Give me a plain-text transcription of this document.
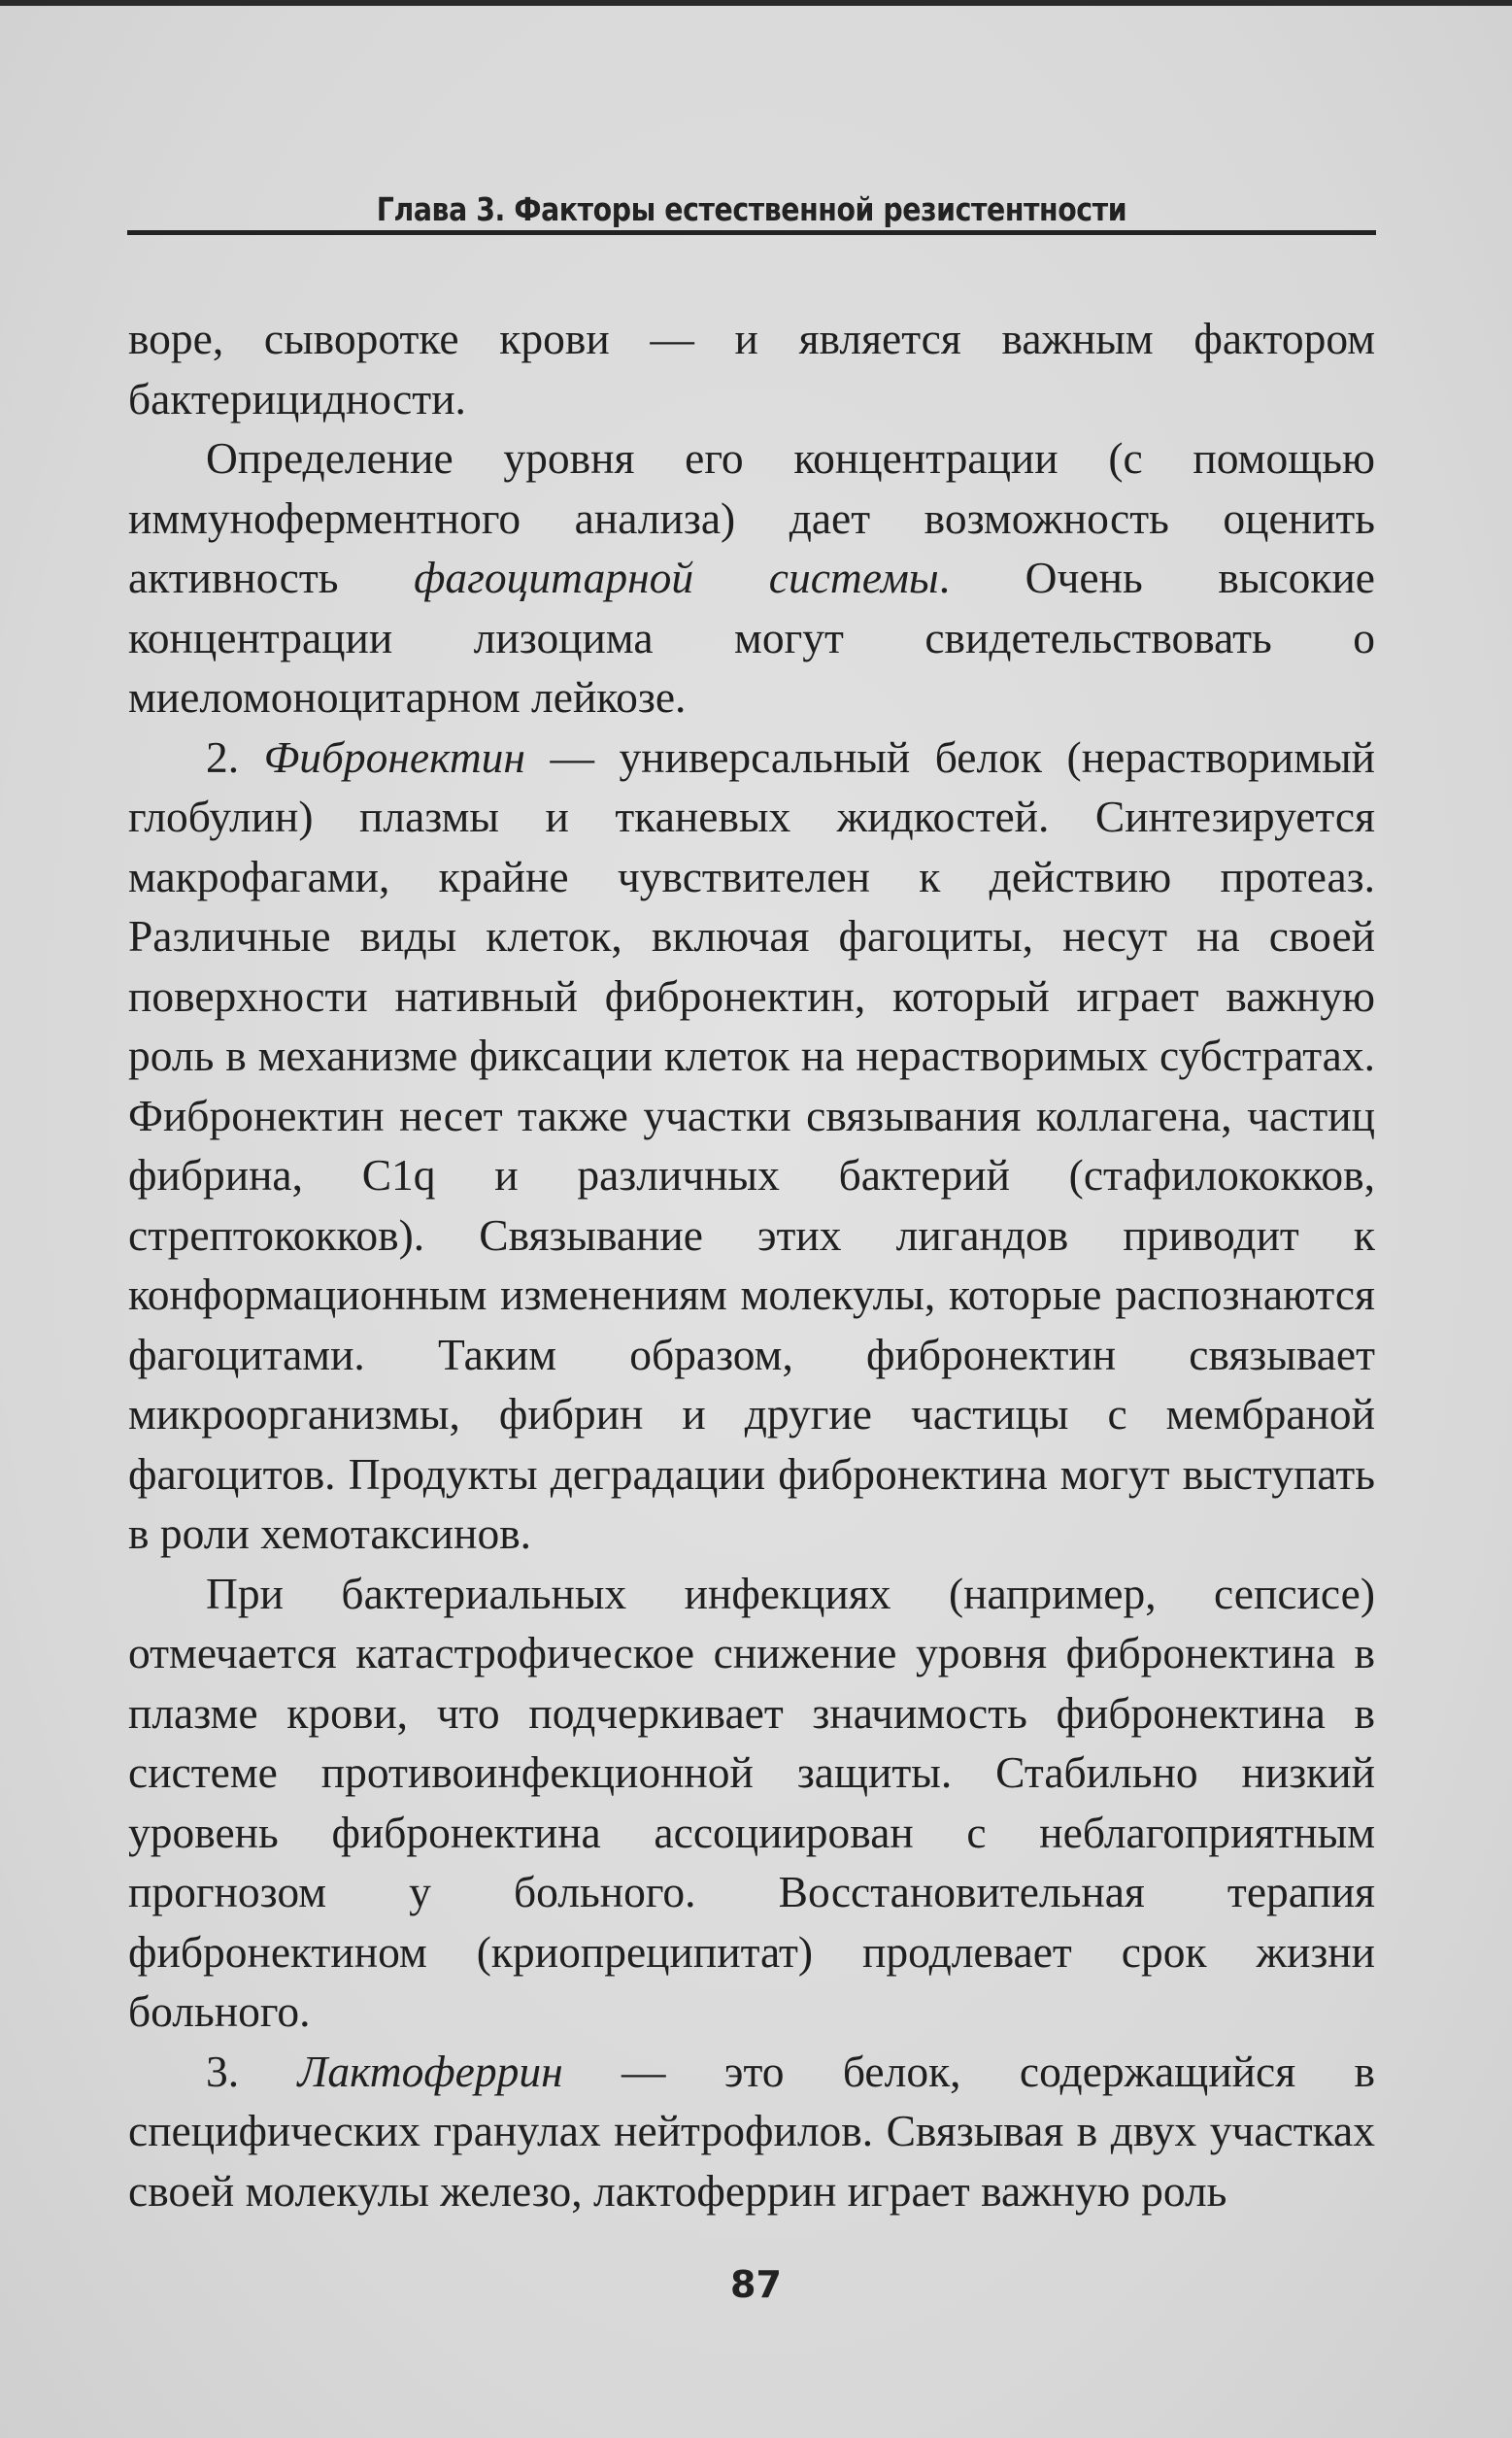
Глава 3. Факторы естественной резистентности

воре, сыворотке крови — и является важным фактором бактерицидности.

Определение уровня его концентрации (с помощью иммуноферментного анализа) дает возможность оценить активность фагоцитарной системы. Очень высокие концентрации лизоцима могут свидетельствовать о миеломоноцитарном лейкозе.

2. Фибронектин — универсальный белок (нерастворимый глобулин) плазмы и тканевых жидкостей. Синтезируется макрофагами, крайне чувствителен к действию протеаз. Различные виды клеток, включая фагоциты, несут на своей поверхности нативный фибронектин, который играет важную роль в механизме фиксации клеток на нерастворимых субстратах. Фибронектин несет также участки связывания коллагена, частиц фибрина, C1q и различных бактерий (стафилококков, стрептококков). Связывание этих лигандов приводит к конформационным изменениям молекулы, которые распознаются фагоцитами. Таким образом, фибронектин связывает микроорганизмы, фибрин и другие частицы с мембраной фагоцитов. Продукты деградации фибронектина могут выступать в роли хемотаксинов.

При бактериальных инфекциях (например, сепсисе) отмечается катастрофическое снижение уровня фибронектина в плазме крови, что подчеркивает значимость фибронектина в системе противоинфекционной защиты. Стабильно низкий уровень фибронектина ассоциирован с неблагоприятным прогнозом у больного. Восстановительная терапия фибронектином (криопреципитат) продлевает срок жизни больного.

3. Лактоферрин — это белок, содержащийся в специфических гранулах нейтрофилов. Связывая в двух участках своей молекулы железо, лактоферрин играет важную роль

87
